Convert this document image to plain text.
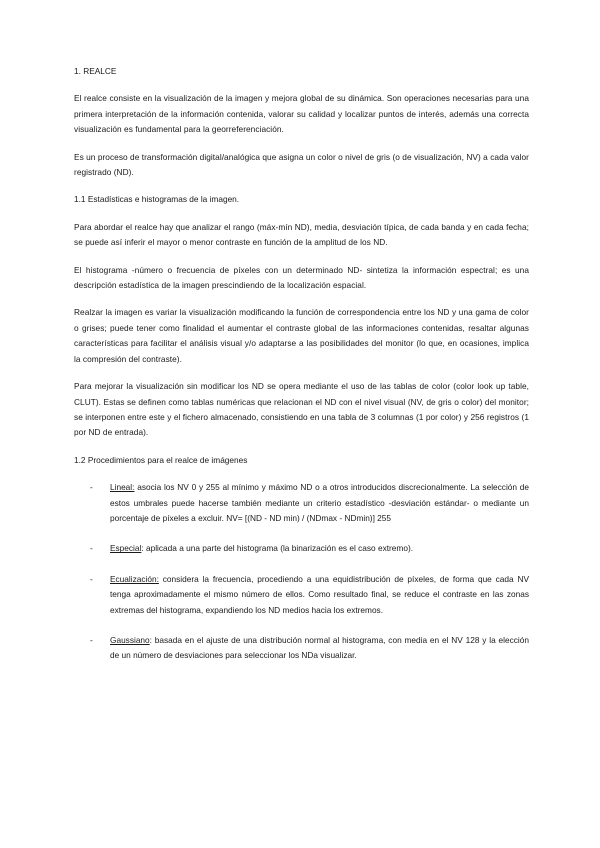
1. REALCE

El realce consiste en la visualización de la imagen y mejora global de su dinámica. Son operaciones necesarias para una primera interpretación de la información contenida, valorar su calidad y localizar puntos de interés, además una correcta visualización es fundamental para la georreferenciación.

Es un proceso de transformación digital/analógica que asigna un color o nivel de gris (o de visualización, NV) a cada valor registrado (ND).

1.1 Estadísticas e histogramas de la imagen.

Para abordar el realce hay que analizar el rango (máx-mín ND), media, desviación típica, de cada banda y en cada fecha; se puede así inferir el mayor o menor contraste en función de la amplitud de los ND.

El histograma -número o frecuencia de píxeles con un determinado ND- sintetiza la información espectral; es una descripción estadística de la imagen prescindiendo de la localización espacial.

Realzar la imagen es variar la visualización modificando la función de correspondencia entre los ND y una gama de color o grises; puede tener como finalidad el aumentar el contraste global de las informaciones contenidas, resaltar algunas características para facilitar el análisis visual y/o adaptarse a las posibilidades del monitor (lo que, en ocasiones, implica la compresión del contraste).

Para mejorar la visualización sin modificar los ND se opera mediante el uso de las tablas de color (color look up table, CLUT). Estas se definen como tablas numéricas que relacionan el ND con el nivel visual (NV, de gris o color) del monitor; se interponen entre este y el fichero almacenado, consistiendo en una tabla de 3 columnas (1 por color) y 256 registros (1 por ND de entrada).

1.2 Procedimientos para el realce de imágenes
- Lineal: asocia los NV 0 y 255 al mínimo y máximo ND o a otros introducidos discrecionalmente. La selección de estos umbrales puede hacerse también mediante un criterio estadístico -desviación estándar- o mediante un porcentaje de píxeles a excluir. NV= [(ND - ND min) / (NDmax - NDmin)] 255
- Especial: aplicada a una parte del histograma (la binarización es el caso extremo).
- Ecualización: considera la frecuencia, procediendo a una equidistribución de píxeles, de forma que cada NV tenga aproximadamente el mismo número de ellos. Como resultado final, se reduce el contraste en las zonas extremas del histograma, expandiendo los ND medios hacia los extremos.
- Gaussiano: basada en el ajuste de una distribución normal al histograma, con media en el NV 128 y la elección de un número de desviaciones para seleccionar los NDa visualizar.
